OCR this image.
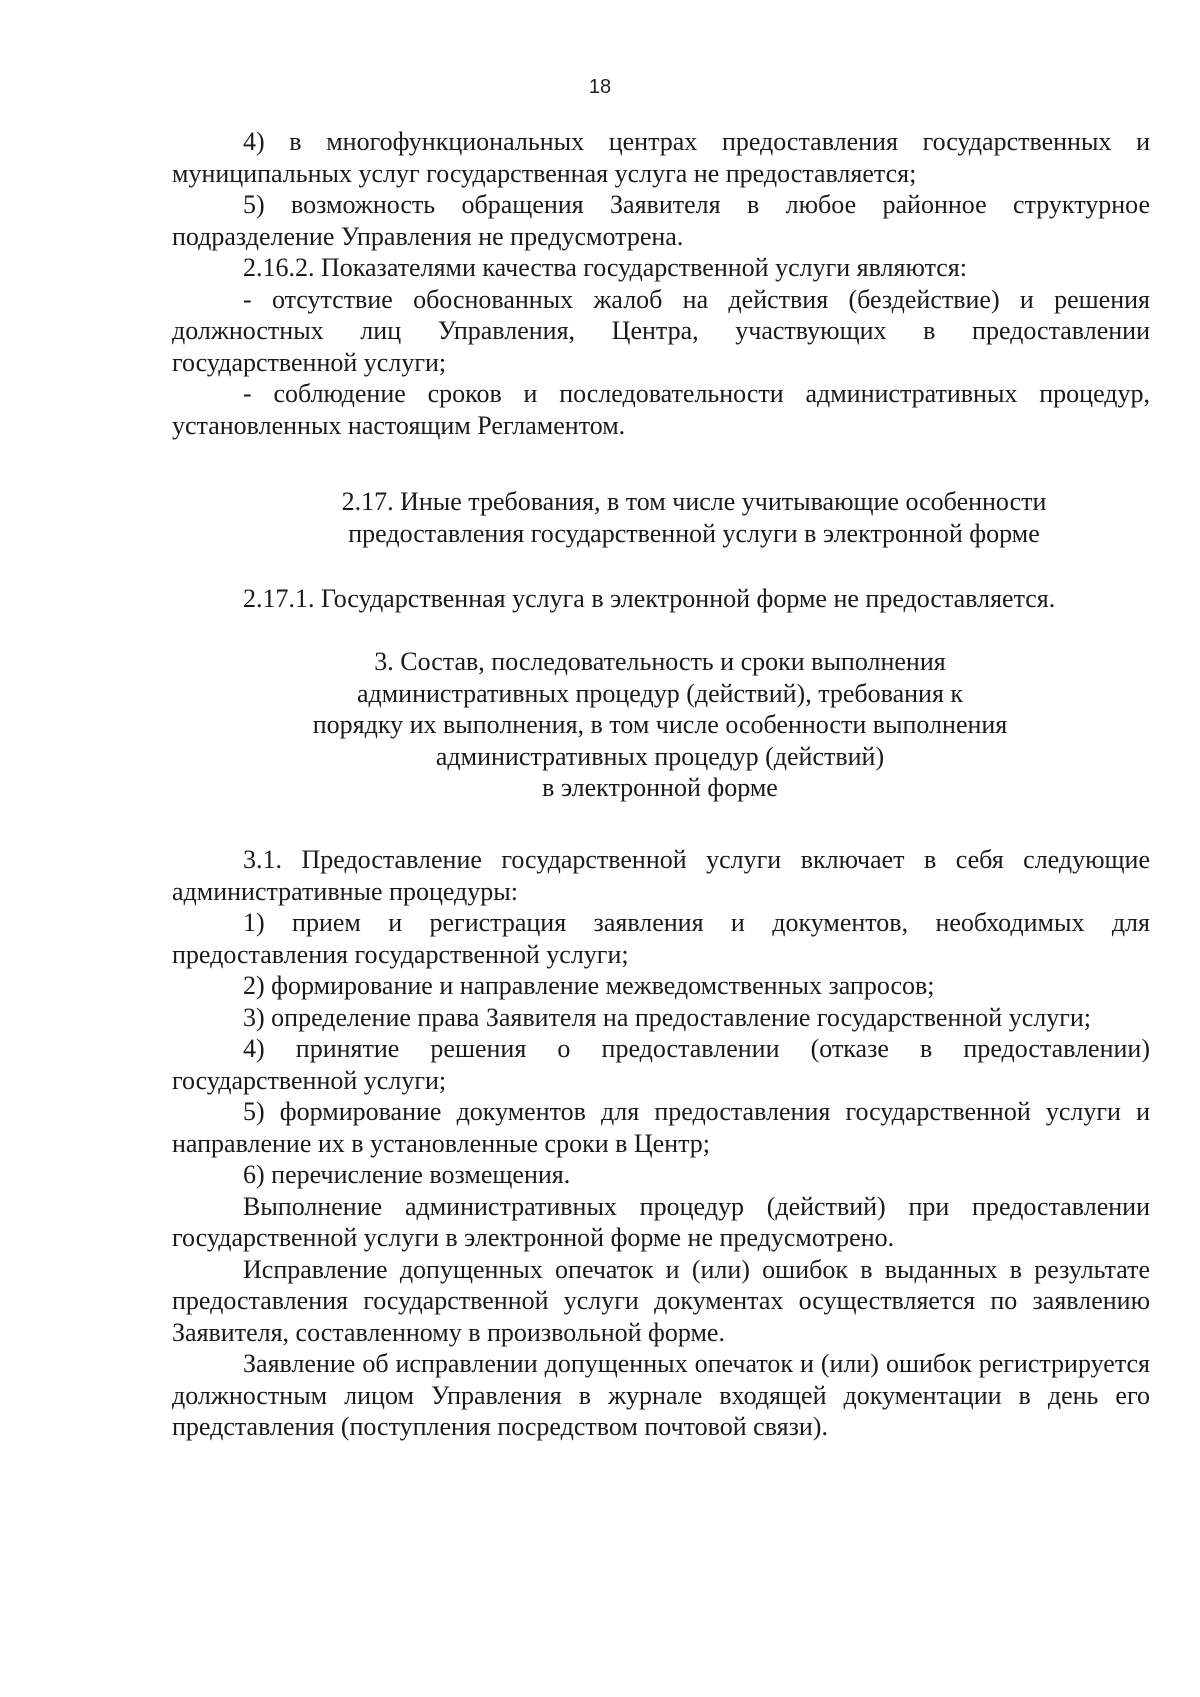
18

4) в многофункциональных центрах предоставления государственных и муниципальных услуг государственная услуга не предоставляется;

5) возможность обращения Заявителя в любое районное структурное подразделение Управления не предусмотрена.

2.16.2. Показателями качества государственной услуги являются:

- отсутствие обоснованных жалоб на действия (бездействие) и решения должностных лиц Управления, Центра, участвующих в предоставлении государственной услуги;

- соблюдение сроков и последовательности административных процедур, установленных настоящим Регламентом.

2.17. Иные требования, в том числе учитывающие особенности

предоставления государственной услуги в электронной форме

2.17.1. Государственная услуга в электронной форме не предоставляется.

3. Состав, последовательность и сроки выполнения

административных процедур (действий), требования к

порядку их выполнения, в том числе особенности выполнения

административных процедур (действий)

в электронной форме

3.1. Предоставление государственной услуги включает в себя следующие административные процедуры:

1) прием и регистрация заявления и документов, необходимых для предоставления государственной услуги;

2) формирование и направление межведомственных запросов;

3) определение права Заявителя на предоставление государственной услуги;

4) принятие решения о предоставлении (отказе в предоставлении) государственной услуги;

5) формирование документов для предоставления государственной услуги и направление их в установленные сроки в Центр;

6) перечисление возмещения.

Выполнение административных процедур (действий) при предоставлении государственной услуги в электронной форме не предусмотрено.

Исправление допущенных опечаток и (или) ошибок в выданных в результате предоставления государственной услуги документах осуществляется по заявлению Заявителя, составленному в произвольной форме.

Заявление об исправлении допущенных опечаток и (или) ошибок регистрируется должностным лицом Управления в журнале входящей документации в день его представления (поступления посредством почтовой связи).
